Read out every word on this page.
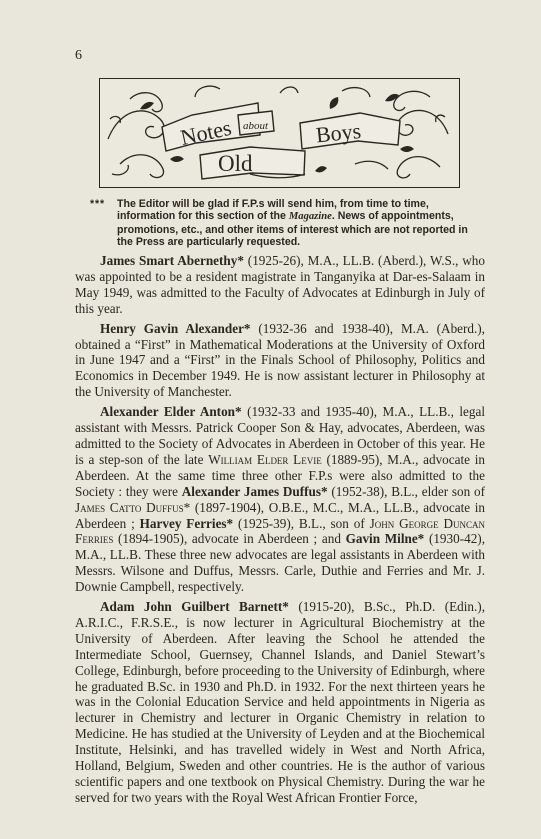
6
Notes about
Old
Boys
* * * The Editor will be glad if F.P.s will send him, from time to time, information for this section of the Magazine. News of appointments, promotions, etc., and other items of interest which are not reported in the Press are particularly requested.

James Smart Abernethy* (1925-26), M.A., LL.B. (Aberd.), W.S., who was appointed to be a resident magistrate in Tanganyika at Dar-es-Salaam in May 1949, was admitted to the Faculty of Advocates at Edinburgh in July of this year.

Henry Gavin Alexander* (1932-36 and 1938-40), M.A. (Aberd.), obtained a “First” in Mathematical Moderations at the University of Oxford in June 1947 and a “First” in the Finals School of Philosophy, Politics and Economics in December 1949. He is now assistant lecturer in Philosophy at the University of Manchester.

Alexander Elder Anton* (1932-33 and 1935-40), M.A., LL.B., legal assistant with Messrs. Patrick Cooper Son & Hay, advocates, Aberdeen, was admitted to the Society of Advocates in Aberdeen in October of this year. He is a step-son of the late William Elder Levie (1889-95), M.A., advocate in Aberdeen. At the same time three other F.P.s were also admitted to the Society : they were Alexander James Duffus* (1952-38), B.L., elder son of James Catto Duffus* (1897-1904), O.B.E., M.C., M.A., LL.B., advocate in Aberdeen ; Harvey Ferries* (1925-39), B.L., son of John George Duncan Ferries (1894-1905), advocate in Aberdeen ; and Gavin Milne* (1930-42), M.A., LL.B. These three new advocates are legal assistants in Aberdeen with Messrs. Wilsone and Duffus, Messrs. Carle, Duthie and Ferries and Mr. J. Downie Campbell, respectively.

Adam John Guilbert Barnett* (1915-20), B.Sc., Ph.D. (Edin.), A.R.I.C., F.R.S.E., is now lecturer in Agricultural Biochemistry at the University of Aberdeen. After leaving the School he attended the Intermediate School, Guernsey, Channel Islands, and Daniel Stewart’s College, Edinburgh, before proceeding to the University of Edinburgh, where he graduated B.Sc. in 1930 and Ph.D. in 1932. For the next thirteen years he was in the Colonial Education Service and held appointments in Nigeria as lecturer in Chemistry and lecturer in Organic Chemistry in relation to Medicine. He has studied at the University of Leyden and at the Biochemical Institute, Helsinki, and has travelled widely in West and North Africa, Holland, Belgium, Sweden and other countries. He is the author of various scientific papers and one textbook on Physical Chemistry. During the war he served for two years with the Royal West African Frontier Force,
